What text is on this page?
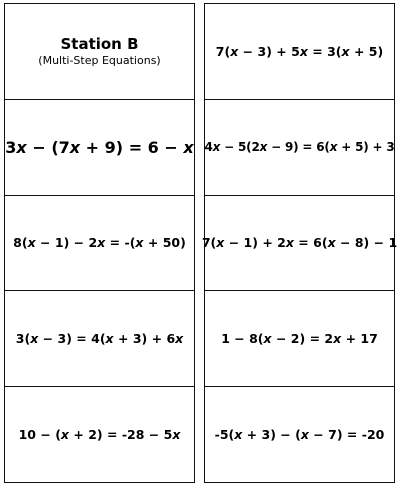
Station B
(Multi-Step Equations)
3x − (7x + 9) = 6 − x
8(x − 1) − 2x = -(x + 50)
3(x − 3) = 4(x + 3) + 6x
10 − (x + 2) = -28 − 5x
7(x − 3) + 5x = 3(x + 5)
4x − 5(2x − 9) = 6(x + 5) + 3
7(x − 1) + 2x = 6(x − 8) − 1
1 − 8(x − 2) = 2x + 17
-5(x + 3) − (x − 7) = -20
